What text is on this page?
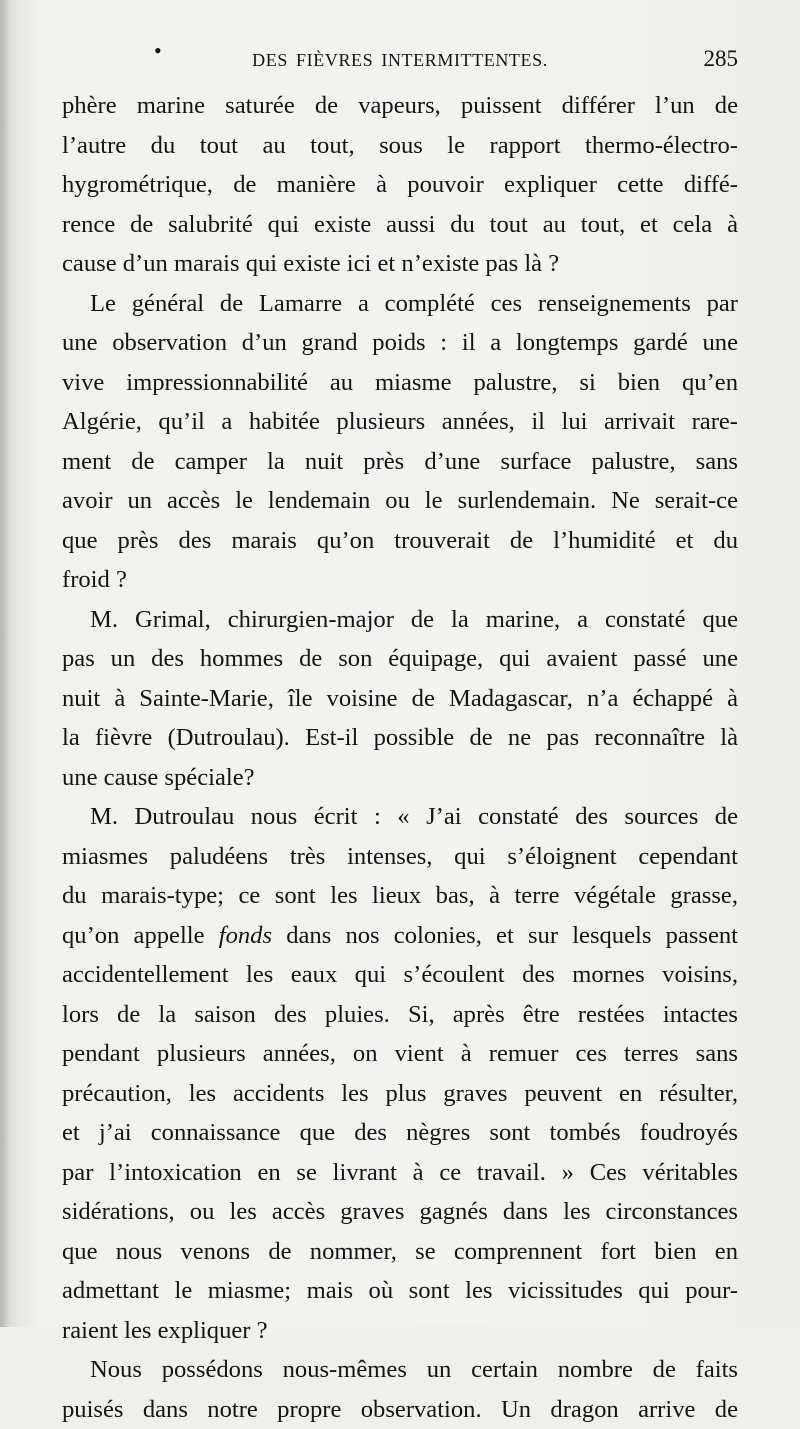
•	DES FIÈVRES INTERMITTENTES.	285
phère marine saturée de vapeurs, puissent différer l’un de
l’autre du tout au tout, sous le rapport thermo-électro-
hygrométrique, de manière à pouvoir expliquer cette diffé-
rence de salubrité qui existe aussi du tout au tout, et cela à
cause d’un marais qui existe ici et n’existe pas là ?
Le général de Lamarre a complété ces renseignements par
une observation d’un grand poids : il a longtemps gardé une
vive impressionnabilité au miasme palustre, si bien qu’en
Algérie, qu’il a habitée plusieurs années, il lui arrivait rare-
ment de camper la nuit près d’une surface palustre, sans
avoir un accès le lendemain ou le surlendemain. Ne serait-ce
que près des marais qu’on trouverait de l’humidité et du
froid ?
M. Grimal, chirurgien-major de la marine, a constaté que
pas un des hommes de son équipage, qui avaient passé une
nuit à Sainte-Marie, île voisine de Madagascar, n’a échappé à
la fièvre (Dutroulau). Est-il possible de ne pas reconnaître là
une cause spéciale?
M. Dutroulau nous écrit : « J’ai constaté des sources de
miasmes paludéens très intenses, qui s’éloignent cependant
du marais-type; ce sont les lieux bas, à terre végétale grasse,
qu’on appelle fonds dans nos colonies, et sur lesquels passent
accidentellement les eaux qui s’écoulent des mornes voisins,
lors de la saison des pluies. Si, après être restées intactes
pendant plusieurs années, on vient à remuer ces terres sans
précaution, les accidents les plus graves peuvent en résulter,
et j’ai connaissance que des nègres sont tombés foudroyés
par l’intoxication en se livrant à ce travail. » Ces véritables
sidérations, ou les accès graves gagnés dans les circonstances
que nous venons de nommer, se comprennent fort bien en
admettant le miasme; mais où sont les vicissitudes qui pour-
raient les expliquer ?
Nous possédons nous-mêmes un certain nombre de faits
puisés dans notre propre observation. Un dragon arrive de
